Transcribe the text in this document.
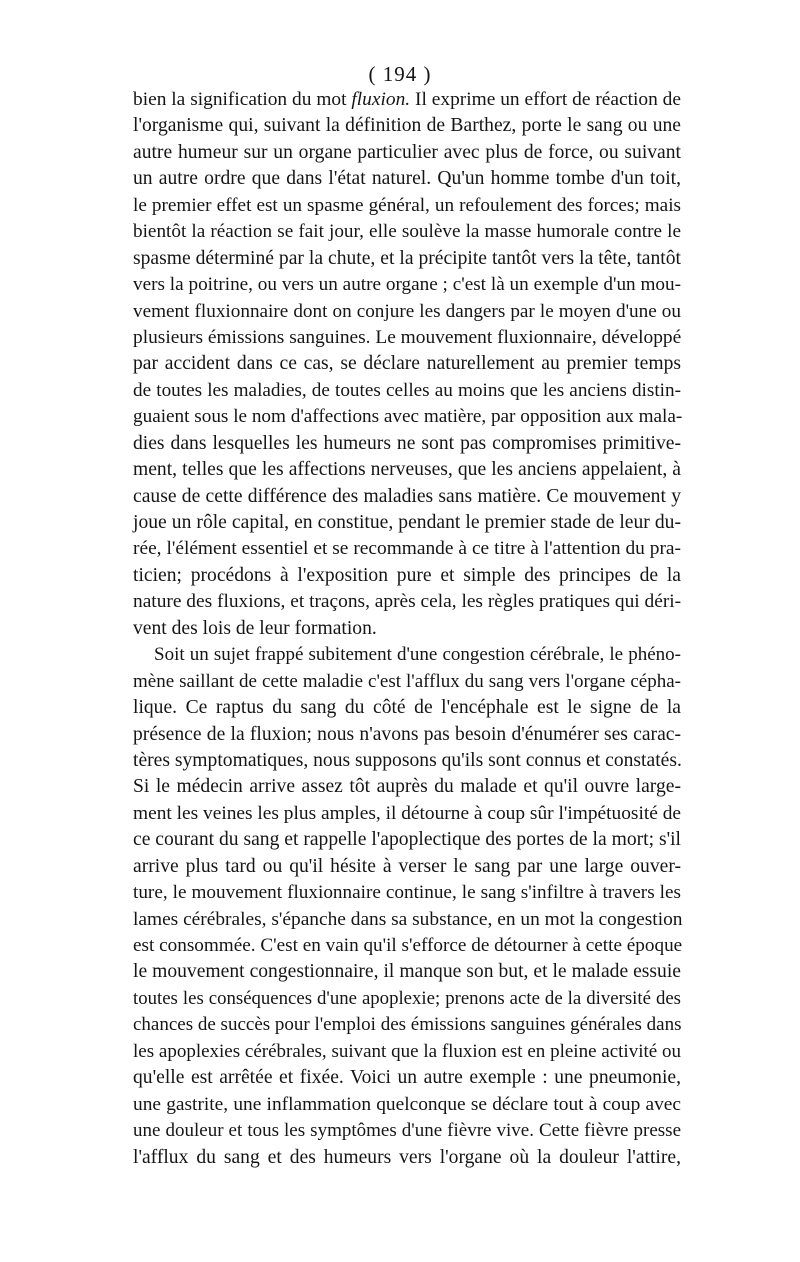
( 194 )
bien la signification du mot fluxion. Il exprime un effort de réaction de
l'organisme qui, suivant la définition de Barthez, porte le sang ou une
autre humeur sur un organe particulier avec plus de force, ou suivant
un autre ordre que dans l'état naturel. Qu'un homme tombe d'un toit,
le premier effet est un spasme général, un refoulement des forces; mais
bientôt la réaction se fait jour, elle soulève la masse humorale contre le
spasme déterminé par la chute, et la précipite tantôt vers la tête, tantôt
vers la poitrine, ou vers un autre organe ; c'est là un exemple d'un mou-
vement fluxionnaire dont on conjure les dangers par le moyen d'une ou
plusieurs émissions sanguines. Le mouvement fluxionnaire, développé
par accident dans ce cas, se déclare naturellement au premier temps
de toutes les maladies, de toutes celles au moins que les anciens distin-
guaient sous le nom d'affections avec matière, par opposition aux mala-
dies dans lesquelles les humeurs ne sont pas compromises primitive-
ment, telles que les affections nerveuses, que les anciens appelaient, à
cause de cette différence des maladies sans matière. Ce mouvement y
joue un rôle capital, en constitue, pendant le premier stade de leur du-
rée, l'élément essentiel et se recommande à ce titre à l'attention du pra-
ticien; procédons à l'exposition pure et simple des principes de la
nature des fluxions, et traçons, après cela, les règles pratiques qui déri-
vent des lois de leur formation.
Soit un sujet frappé subitement d'une congestion cérébrale, le phéno-
mène saillant de cette maladie c'est l'afflux du sang vers l'organe cépha-
lique. Ce raptus du sang du côté de l'encéphale est le signe de la
présence de la fluxion; nous n'avons pas besoin d'énumérer ses carac-
tères symptomatiques, nous supposons qu'ils sont connus et constatés.
Si le médecin arrive assez tôt auprès du malade et qu'il ouvre large-
ment les veines les plus amples, il détourne à coup sûr l'impétuosité de
ce courant du sang et rappelle l'apoplectique des portes de la mort; s'il
arrive plus tard ou qu'il hésite à verser le sang par une large ouver-
ture, le mouvement fluxionnaire continue, le sang s'infiltre à travers les
lames cérébrales, s'épanche dans sa substance, en un mot la congestion
est consommée. C'est en vain qu'il s'efforce de détourner à cette époque
le mouvement congestionnaire, il manque son but, et le malade essuie
toutes les conséquences d'une apoplexie; prenons acte de la diversité des
chances de succès pour l'emploi des émissions sanguines générales dans
les apoplexies cérébrales, suivant que la fluxion est en pleine activité ou
qu'elle est arrêtée et fixée. Voici un autre exemple : une pneumonie,
une gastrite, une inflammation quelconque se déclare tout à coup avec
une douleur et tous les symptômes d'une fièvre vive. Cette fièvre presse
l'afflux du sang et des humeurs vers l'organe où la douleur l'attire,
